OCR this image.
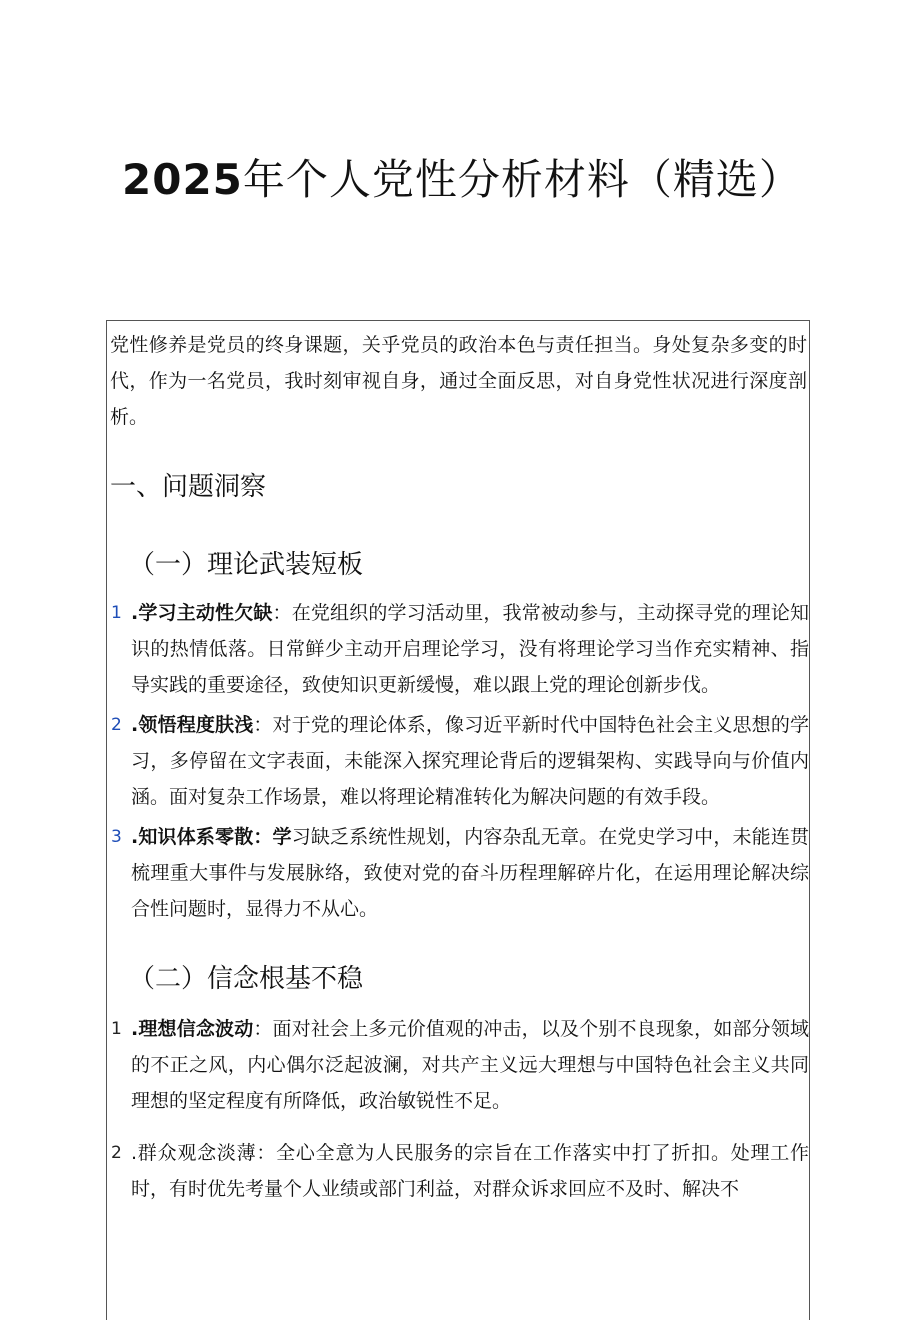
2025年个人党性分析材料（精选）

党性修养是党员的终身课题，关乎党员的政治本色与责任担当。身处复杂多变的时代，作为一名党员，我时刻审视自身，通过全面反思，对自身党性状况进行深度剖析。

一、问题洞察
（一）理论武装短板
1 .学习主动性欠缺：在党组织的学习活动里，我常被动参与，主动探寻党的理论知识的热情低落。日常鲜少主动开启理论学习，没有将理论学习当作充实精神、指导实践的重要途径，致使知识更新缓慢，难以跟上党的理论创新步伐。

2 .领悟程度肤浅：对于党的理论体系，像习近平新时代中国特色社会主义思想的学习，多停留在文字表面，未能深入探究理论背后的逻辑架构、实践导向与价值内涵。面对复杂工作场景，难以将理论精准转化为解决问题的有效手段。

3 .知识体系零散：学习缺乏系统性规划，内容杂乱无章。在党史学习中，未能连贯梳理重大事件与发展脉络，致使对党的奋斗历程理解碎片化，在运用理论解决综合性问题时，显得力不从心。

（二）信念根基不稳
1 .理想信念波动：面对社会上多元价值观的冲击，以及个别不良现象，如部分领域的不正之风，内心偶尔泛起波澜，对共产主义远大理想与中国特色社会主义共同理想的坚定程度有所降低，政治敏锐性不足。

2 .群众观念淡薄：全心全意为人民服务的宗旨在工作落实中打了折扣。处理工作时，有时优先考量个人业绩或部门利益，对群众诉求回应不及时、解决不
